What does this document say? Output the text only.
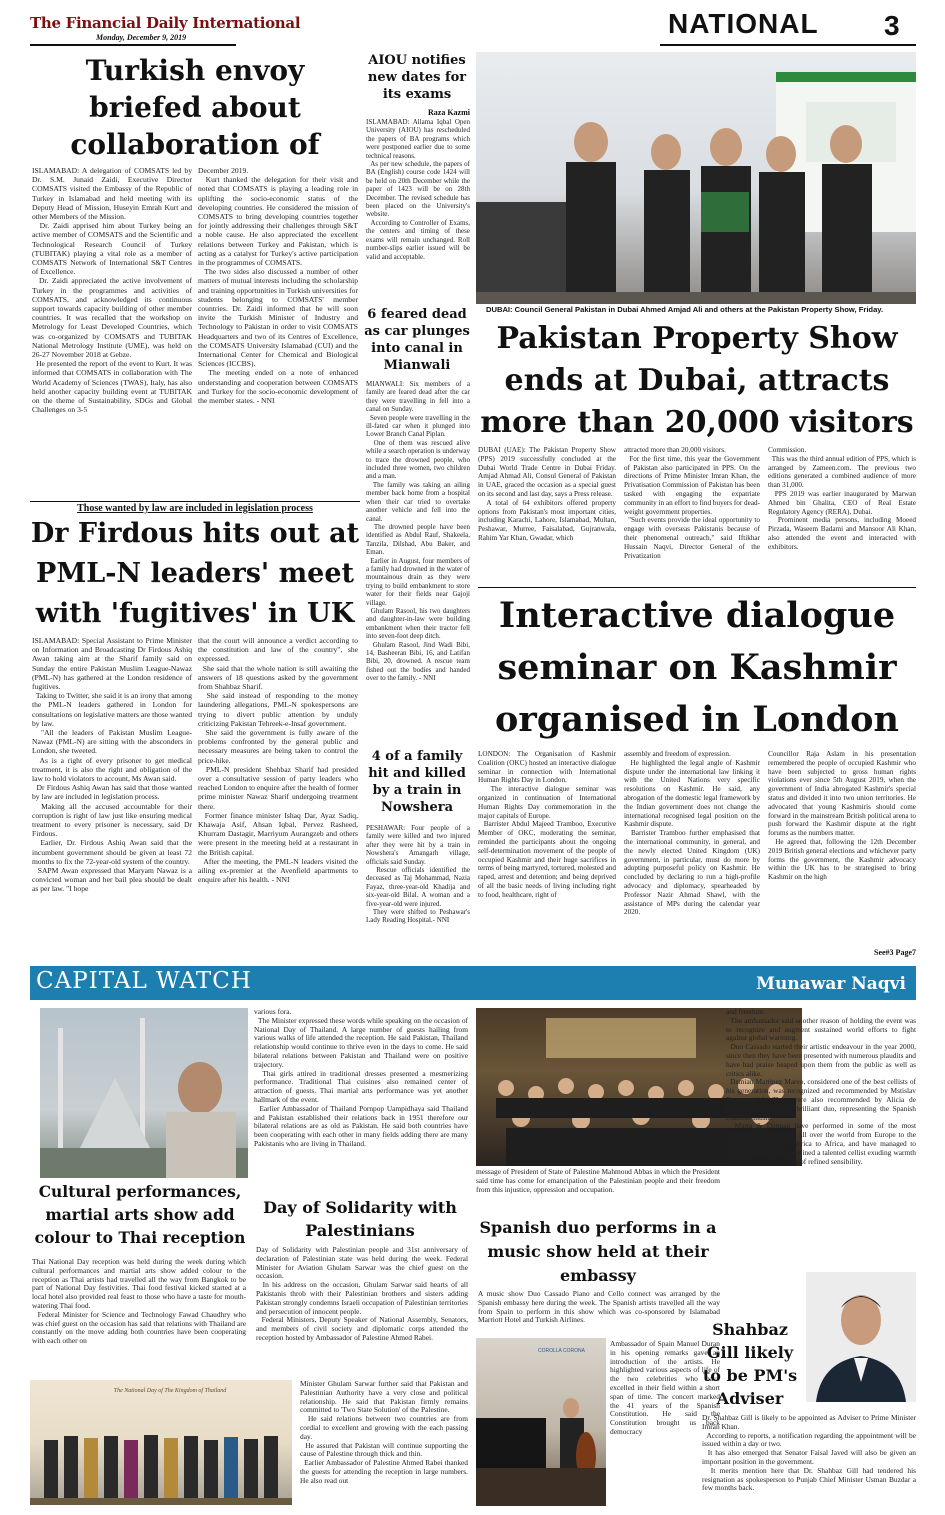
The Financial Daily International
Monday, December 9, 2019	NATIONAL 3
Turkish envoy briefed about collaboration of
ISLAMABAD: A delegation of COMSATS led by Dr. S.M. Junaid Zaidi, Executive Director COMSATS visited the Embassy of the Republic of Turkey in Islamabad and held meeting with its Deputy Head of Mission, Huseyin Emrah Kurt and other Members of the Mission.
Dr. Zaidi apprised him about Turkey being an active member of COMSATS and the Scientific and Technological Research Council of Turkey (TUBITAK) playing a vital role as a member of COMSATS Network of International S&T Centres of Excellence.
Dr. Zaidi appreciated the active involvement of Turkey in the programmes and activities of COMSATS, and acknowledged its continuous support towards capacity building of other member countries. It was recalled that the workshop on Metrology for Least Developed Countries, which was co-organized by COMSATS and TUBITAK National Metrology Institute (UME), was held on 26-27 November 2018 at Gebze.
He presented the report of the event to Kurt. It was informed that COMSATS in collaboration with The World Academy of Sciences (TWAS), Italy, has also held another capacity building event at TUBITAK on the theme of Sustainability, SDGs and Global Challenges on 3-5
December 2019.
Kurt thanked the delegation for their visit and noted that COMSATS is playing a leading role in uplifting the socio-economic status of the developing countries. He considered the mission of COMSATS to bring developing countries together for jointly addressing their challenges through S&T a noble cause. He also appreciated the excellent relations between Turkey and Pakistan, which is acting as a catalyst for Turkey's active participation in the programmes of COMSATS.
The two sides also discussed a number of other matters of mutual interests including the scholarship and training opportunities in Turkish universities for students belonging to COMSATS' member countries. Dr. Zaidi informed that he will soon invite the Turkish Minister of Industry and Technology to Pakistan in order to visit COMSATS Headquarters and two of its Centres of Excellence, the COMSATS University Islamabad (CUI) and the International Center for Chemical and Biological Sciences (ICCBS).
The meeting ended on a note of enhanced understanding and cooperation between COMSATS and Turkey for the socio-economic development of the member states. - NNI
AIOU notifies new dates for its exams
Raza Kazmi
ISLAMABAD: Allama Iqbal Open University (AIOU) has rescheduled the papers of BA programs which were postponed earlier due to some technical reasons.
As per new schedule, the papers of BA (English) course code 1424 will be held on 20th December while the paper of 1423 will be on 28th December. The revised schedule has been placed on the University's website.
According to Controller of Exams, the centers and timing of these exams will remain unchanged. Roll number-slips earlier issued will be valid and acceptable.
DUBAI: Council General Pakistan in Dubai Ahmed Amjad Ali and others at the Pakistan Property Show, Friday.
6 feared dead as car plunges into canal in Mianwali
MIANWALI: Six members of a family are feared dead after the car they were travelling in fell into a canal on Sunday.
Seven people were travelling in the ill-fated car when it plunged into Lower Branch Canal Piplan.
One of them was rescued alive while a search operation is underway to trace the drowned people, who included three women, two children and a man.
The family was taking an ailing member back home from a hospital when their car tried to overtake another vehicle and fell into the canal.
The drowned people have been identified as Abdul Rauf, Shakeela, Tanzila, Dilshad, Abu Baker, and Eman.
Earlier in August, four members of a family had drowned in the water of mountainous drain as they were trying to build embankment to store water for their fields near Gajoji village.
Ghulam Rasool, his two daughters and daughter-in-law were building embankment when their tractor fell into seven-foot deep ditch.
Ghulam Rasool, Jind Wadi Bibi, 14, Basheeran Bibi, 16, and Latifan Bibi, 20, drowned. A rescue team fished out the bodies and handed over to the family. - NNI
Pakistan Property Show ends at Dubai, attracts more than 20,000 visitors
DUBAI (UAE): The Pakistan Property Show (PPS) 2019 successfully concluded at the Dubai World Trade Centre in Dubai Friday. Amjad Ahmad Ali, Consul General of Pakistan in UAE, graced the occasion as a special guest on its second and last day, says a Press release.
A total of 64 exhibitors offered property options from Pakistan's most important cities, including Karachi, Lahore, Islamabad, Multan, Peshawar, Murree, Faisalabad, Gujranwala, Rahim Yar Khan, Gwadar, which
attracted more than 20,000 visitors.
For the first time, this year the Government of Pakistan also participated in PPS. On the directions of Prime Minister Imran Khan, the Privatisation Commission of Pakistan has been tasked with engaging the expatriate community in an effort to find buyers for dead-weight government properties.
"Such events provide the ideal opportunity to engage with overseas Pakistanis because of their phenomenal outreach," said Iftikhar Hussain Naqvi, Director General of the Privatization
Commission.
This was the third annual edition of PPS, which is arranged by Zameen.com. The previous two editions generated a combined audience of more than 31,000.
PPS 2019 was earlier inaugurated by Marwan Ahmed bin Ghalita, CEO of Real Estate Regulatory Agency (RERA), Dubai.
Prominent media persons, including Moeed Pirzada, Waseem Badami and Mansoor Ali Khan, also attended the event and interacted with exhibitors.
Those wanted by law are included in legislation process
Dr Firdous hits out at PML-N leaders' meet with 'fugitives' in UK
ISLAMABAD: Special Assistant to Prime Minister on Information and Broadcasting Dr Firdous Ashiq Awan taking aim at the Sharif family said on Sunday the entire Pakistan Muslim League-Nawaz (PML-N) has gathered at the London residence of fugitives.
Taking to Twitter, she said it is an irony that among the PML-N leaders gathered in London for consultations on legislative matters are those wanted by law.
"All the leaders of Pakistan Muslim League-Nawaz (PML-N) are sitting with the absconders in London, she tweeted.
As is a right of every prisoner to get medical treatment, it is also the right and obligation of the law to hold violators to account, Ms Awan said.
Dr Firdous Ashiq Awan has said that those wanted by law are included in legislation process.
Making all the accused accountable for their corruption is right of law just like ensuring medical treatment to every prisoner is necessary, said Dr Firdous.
Earlier, Dr. Firdous Ashiq Awan said that the incumbent government should be given at least 72 months to fix the 72-year-old system of the country.
SAPM Awan expressed that Maryam Nawaz is a convicted woman and her bail plea should be dealt as per law. "I hope
that the court will announce a verdict according to the constitution and law of the country", she expressed.
She said that the whole nation is still awaiting the answers of 18 questions asked by the government from Shahbaz Sharif.
She said instead of responding to the money laundering allegations, PML-N spokespersons are trying to divert public attention by unduly criticizing Pakistan Tehreek-e-Insaf government.
She said the government is fully aware of the problems confronted by the general public and necessary measures are being taken to control the price-hike.
PML-N president Shehbaz Sharif had presided over a consultative session of party leaders who reached London to enquire after the health of former prime minister Nawaz Sharif undergoing treatment there.
Former finance minister Ishaq Dar, Ayaz Sadiq, Khawaja Asif, Ahsan Iqbal, Pervez Rasheed, Khurram Dastagir, Marriyum Aurangzeb and others were present in the meeting held at a restaurant in the British capital.
After the meeting, the PML-N leaders visited the ailing ex-premier at the Avenfield apartments to enquire after his health. - NNI
4 of a family hit and killed by a train in Nowshera
PESHAWAR: Four people of a family were killed and two injured after they were hit by a train in Nowshera's Amangarh village, officials said Sunday.
Rescue officials identified the deceased as Taj Mohammad, Nazia Fayaz, three-year-old Khadija and six-year-old Bilal. A woman and a five-year-old were injured.
They were shifted to Peshawar's Lady Reading Hospital.- NNI
Interactive dialogue seminar on Kashmir organised in London
LONDON: The Organisation of Kashmir Coalition (OKC) hosted an interactive dialogue seminar in connection with International Human Rights Day in London.
The interactive dialogue seminar was organized in continuation of International Human Rights Day commemoration in the major capitals of Europe.
Barrister Abdul Majeed Tramboo, Executive Member of OKC, moderating the seminar, reminded the participants about the ongoing self-determination movement of the people of occupied Kashmir and their huge sacrifices in terms of being martyred, tortured, molested and raped, arrest and detention; and being deprived of all the basic needs of living including right to food, healthcare, right of
assembly and freedom of expression.
He highlighted the legal angle of Kashmir dispute under the international law linking it with the United Nations very specific resolutions on Kashmir. He said, any abrogation of the domestic legal framework by the Indian government does not change the international recognised legal position on the Kashmir dispute.
Barrister Tramboo further emphasised that the international community, in general, and the newly elected United Kingdom (UK) government, in particular, must do more by adopting purposeful policy on Kashmir. He concluded by declaring to run a high-profile advocacy and diplomacy, spearheaded by Professor Nazir Ahmad Shawl, with the assistance of MPs during the calendar year 2020.
Councillor Raja Aslam in his presentation remembered the people of occupied Kashmir who have been subjected to gross human rights violations ever since 5th August 2019, when the government of India abrogated Kashmir's special status and divided it into two union territories. He advocated that young Kashmiris should come forward in the mainstream British political arena to push forward the Kashmir dispute at the right forums as the numbers matter.
He agreed that, following the 12th December 2019 British general elections and whichever party forms the government, the Kashmir advocacy within the UK has to be strategised to bring Kashmir on the high
See#3 Page7
CAPITAL WATCH	Munawar Naqvi
Cultural performances, martial arts show add colour to Thai reception
Thai National Day reception was held during the week during which cultural performances and martial arts show added colour to the reception as Thai artists had travelled all the way from Bangkok to be part of National Day festivities. Thai food festival kicked started at a local hotel also provided real feast to those who have a taste for mouth-watering Thai food.
Federal Minister for Science and Technology Fawad Chaudhry who was chief guest on the occasion has said that relations with Thailand are constantly on the move adding both countries have been cooperating with each other on
various fora.
The Minister expressed these words while speaking on the occasion of National Day of Thailand. A large number of guests hailing from various walks of life attended the reception. He said Pakistan, Thailand relationship would continue to thrive even in the days to come. He said bilateral relations between Pakistan and Thailand were on positive trajectory.
Thai girls attired in traditional dresses presented a mesmerizing performance. Traditional Thai cuisines also remained center of attraction of guests. Thai martial arts performance was yet another hallmark of the event.
Earlier Ambassador of Thailand Pornpop Uampidhaya said Thailand and Pakistan established their relations back in 1951 therefore our bilateral relations are as old as Pakistan. He said both countries have been cooperating with each other in many fields adding there are many Pakistanis who are living in Thailand.
The National Day of The Kingdom of Thailand
Day of Solidarity with Palestinians
Day of Solidarity with Palestinian people and 31st anniversary of declaration of Palestinian state was held during the week. Federal Minister for Aviation Ghulam Sarwar was the chief guest on the occasion.
In his address on the occasion, Ghulam Sarwar said hearts of all Pakistanis throb with their Palestinian brothers and sisters adding Pakistan strongly condemns Israeli occupation of Palestinian territories and persecution of innocent people.
Federal Ministers, Deputy Speaker of National Assembly, Senators, and members of civil society and diplomatic corps attended the reception hosted by Ambassador of Palestine Ahmed Rabei.
Minister Ghulam Sarwar further said that Pakistan and Palestinian Authority have a very close and political relationship. He said that Pakistan firmly remains committed to 'Two State Solution' of the Palestine.
He said relations between two countries are from cordial to excellent and growing with the each passing day.
He assured that Pakistan will continue supporting the cause of Palestine through thick and thin.
Earlier Ambassador of Palestine Ahmed Rabei thanked the guests for attending the reception in large numbers. He also read out
message of President of State of Palestine Mahmoud Abbas in which the President said time has come for emancipation of the Palestinian people and their freedom from this injustice, oppression and occupation.
Spanish duo performs in a music show held at their embassy
A music show Duo Cassado Piano and Cello connect was arranged by the Spanish embassy here during the week. The Spanish artists travelled all the way from Spain to perform in this show which was co-sponsored by Islamabad Marriott Hotel and Turkish Airlines.
COROLLA CORONA
Ambassador of Spain Manuel Duran in his opening remarks gave an introduction of the artists. He highlighted various aspects of life of the two celebrities who have excelled in their field within a short span of time. The concert marked the 41 years of the Spanish Constitution. He said the Constitution brought us back democracy
and freedom.
The ambassador said another reason of holding the event was to recognize and augment sustained world efforts to fight against global warming.
Duo Cassado started their artistic endeavour in the year 2000, since then they have been presented with numerous plaudits and have had praise heaped upon them from the public as well as critics alike.
Damian Martinez Mareo, considered one of the best cellists of his generation, was recognized and recommended by Mstislav Rostropovich. They were also recommended by Alicia de Larrocha as the most brilliant duo, representing the Spanish chamber music.
Marta & Damian have performed in some of the most prestigious auditoriums all over the world from Europe to the Middle East, from America to Africa, and have managed to form a duo that has combined a talented cellist exuding warmth and finesse and a pianist of refined sensibility.
Shahbaz Gill likely to be PM's Adviser
Dr. Shahbaz Gill is likely to be appointed as Adviser to Prime Minister Imran Khan.
According to reports, a notification regarding the appointment will be issued within a day or two.
It has also emerged that Senator Faisal Javed will also be given an important position in the government.
It merits mention here that Dr. Shahbaz Gill had tendered his resignation as spokesperson to Punjab Chief Minister Usman Buzdar a few months back.
